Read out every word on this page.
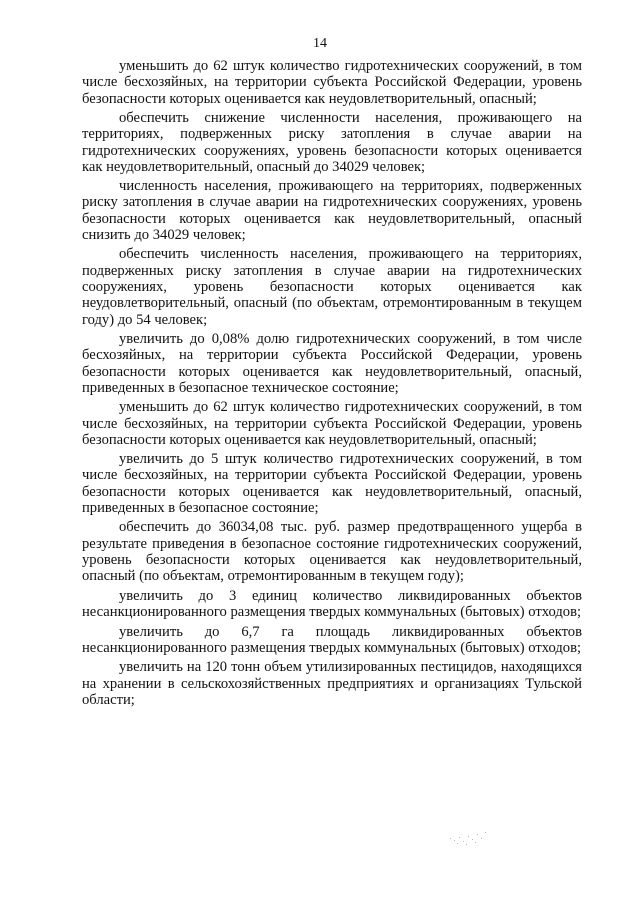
14

уменьшить до 62 штук количество гидротехнических сооружений, в том числе бесхозяйных, на территории субъекта Российской Федерации, уровень безопасности которых оценивается как неудовлетворительный, опасный;

обеспечить снижение численности населения, проживающего на территориях, подверженных риску затопления в случае аварии на гидротехнических сооружениях, уровень безопасности которых оценивается как неудовлетворительный, опасный до 34029 человек;

численность населения, проживающего на территориях, подверженных риску затопления в случае аварии на гидротехнических сооружениях, уровень безопасности которых оценивается как неудовлетворительный, опасный снизить до 34029 человек;

обеспечить численность населения, проживающего на территориях, подверженных риску затопления в случае аварии на гидротехнических сооружениях, уровень безопасности которых оценивается как неудовлетворительный, опасный (по объектам, отремонтированным в текущем году) до 54 человек;

увеличить до 0,08% долю гидротехнических сооружений, в том числе бесхозяйных, на территории субъекта Российской Федерации, уровень безопасности которых оценивается как неудовлетворительный, опасный, приведенных в безопасное техническое состояние;

уменьшить до 62 штук количество гидротехнических сооружений, в том числе бесхозяйных, на территории субъекта Российской Федерации, уровень безопасности которых оценивается как неудовлетворительный, опасный;

увеличить до 5 штук количество гидротехнических сооружений, в том числе бесхозяйных, на территории субъекта Российской Федерации, уровень безопасности которых оценивается как неудовлетворительный, опасный, приведенных в безопасное состояние;

обеспечить до 36034,08 тыс. руб. размер предотвращенного ущерба в результате приведения в безопасное состояние гидротехнических сооружений, уровень безопасности которых оценивается как неудовлетворительный, опасный (по объектам, отремонтированным в текущем году);

увеличить до 3 единиц количество ликвидированных объектов несанкционированного размещения твердых коммунальных (бытовых) отходов;

увеличить до 6,7 га площадь ликвидированных объектов несанкционированного размещения твердых коммунальных (бытовых) отходов;

увеличить на 120 тонн объем утилизированных пестицидов, находящихся на хранении в сельскохозяйственных предприятиях и организациях Тульской области;
